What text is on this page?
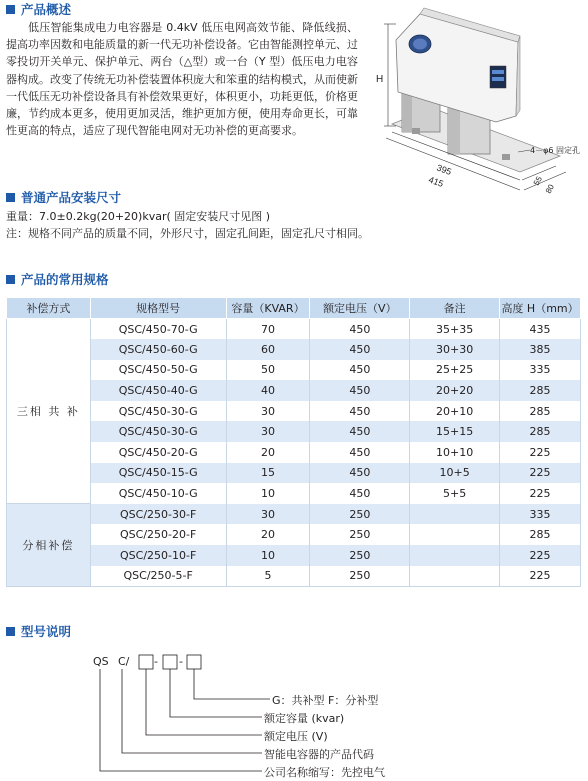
产品概述

低压智能集成电力电容器是 0.4kV 低压电网高效节能、降低线损、提高功率因数和电能质量的新一代无功补偿设备。它由智能测控单元、过零投切开关单元、保护单元、两台（△型）或一台（Y 型）低压电力电容器构成。改变了传统无功补偿装置体积庞大和笨重的结构模式，从而使新一代低压无功补偿设备具有补偿效果更好，体积更小，功耗更低，价格更廉，节约成本更多，使用更加灵活，维护更加方便，使用寿命更长，可靠性更高的特点，适应了现代智能电网对无功补偿的更高要求。

H
395
415	55
80
4－φ6 固定孔
普通产品安装尺寸
重量：7.0±0.2kg(20+20)kvar( 固定安装尺寸见图 )
注：规格不同产品的质量不同，外形尺寸，固定孔间距，固定孔尺寸相同。
产品的常用规格
补偿方式	规格型号	容量（KVAR）	额定电压（V）	备注	高度 H（mm）
三相 共 补	QSC/450-70-G	70	450	35+35	435
	QSC/450-60-G	60	450	30+30	385
	QSC/450-50-G	50	450	25+25	335
	QSC/450-40-G	40	450	20+20	285
	QSC/450-30-G	30	450	20+10	285
	QSC/450-30-G	30	450	15+15	285
	QSC/450-20-G	20	450	10+10	225
	QSC/450-15-G	15	450	10+5	225
	QSC/450-10-G	10	450	5+5	225
分相补偿	QSC/250-30-F	30	250		335
	QSC/250-20-F	20	250		285
	QSC/250-10-F	10	250		225
	QSC/250-5-F	5	250		225
型号说明
QS C/ - -
G：共补型 F：分补型
额定容量 (kvar)
额定电压 (V)
智能电容器的产品代码
公司名称缩写：先控电气
